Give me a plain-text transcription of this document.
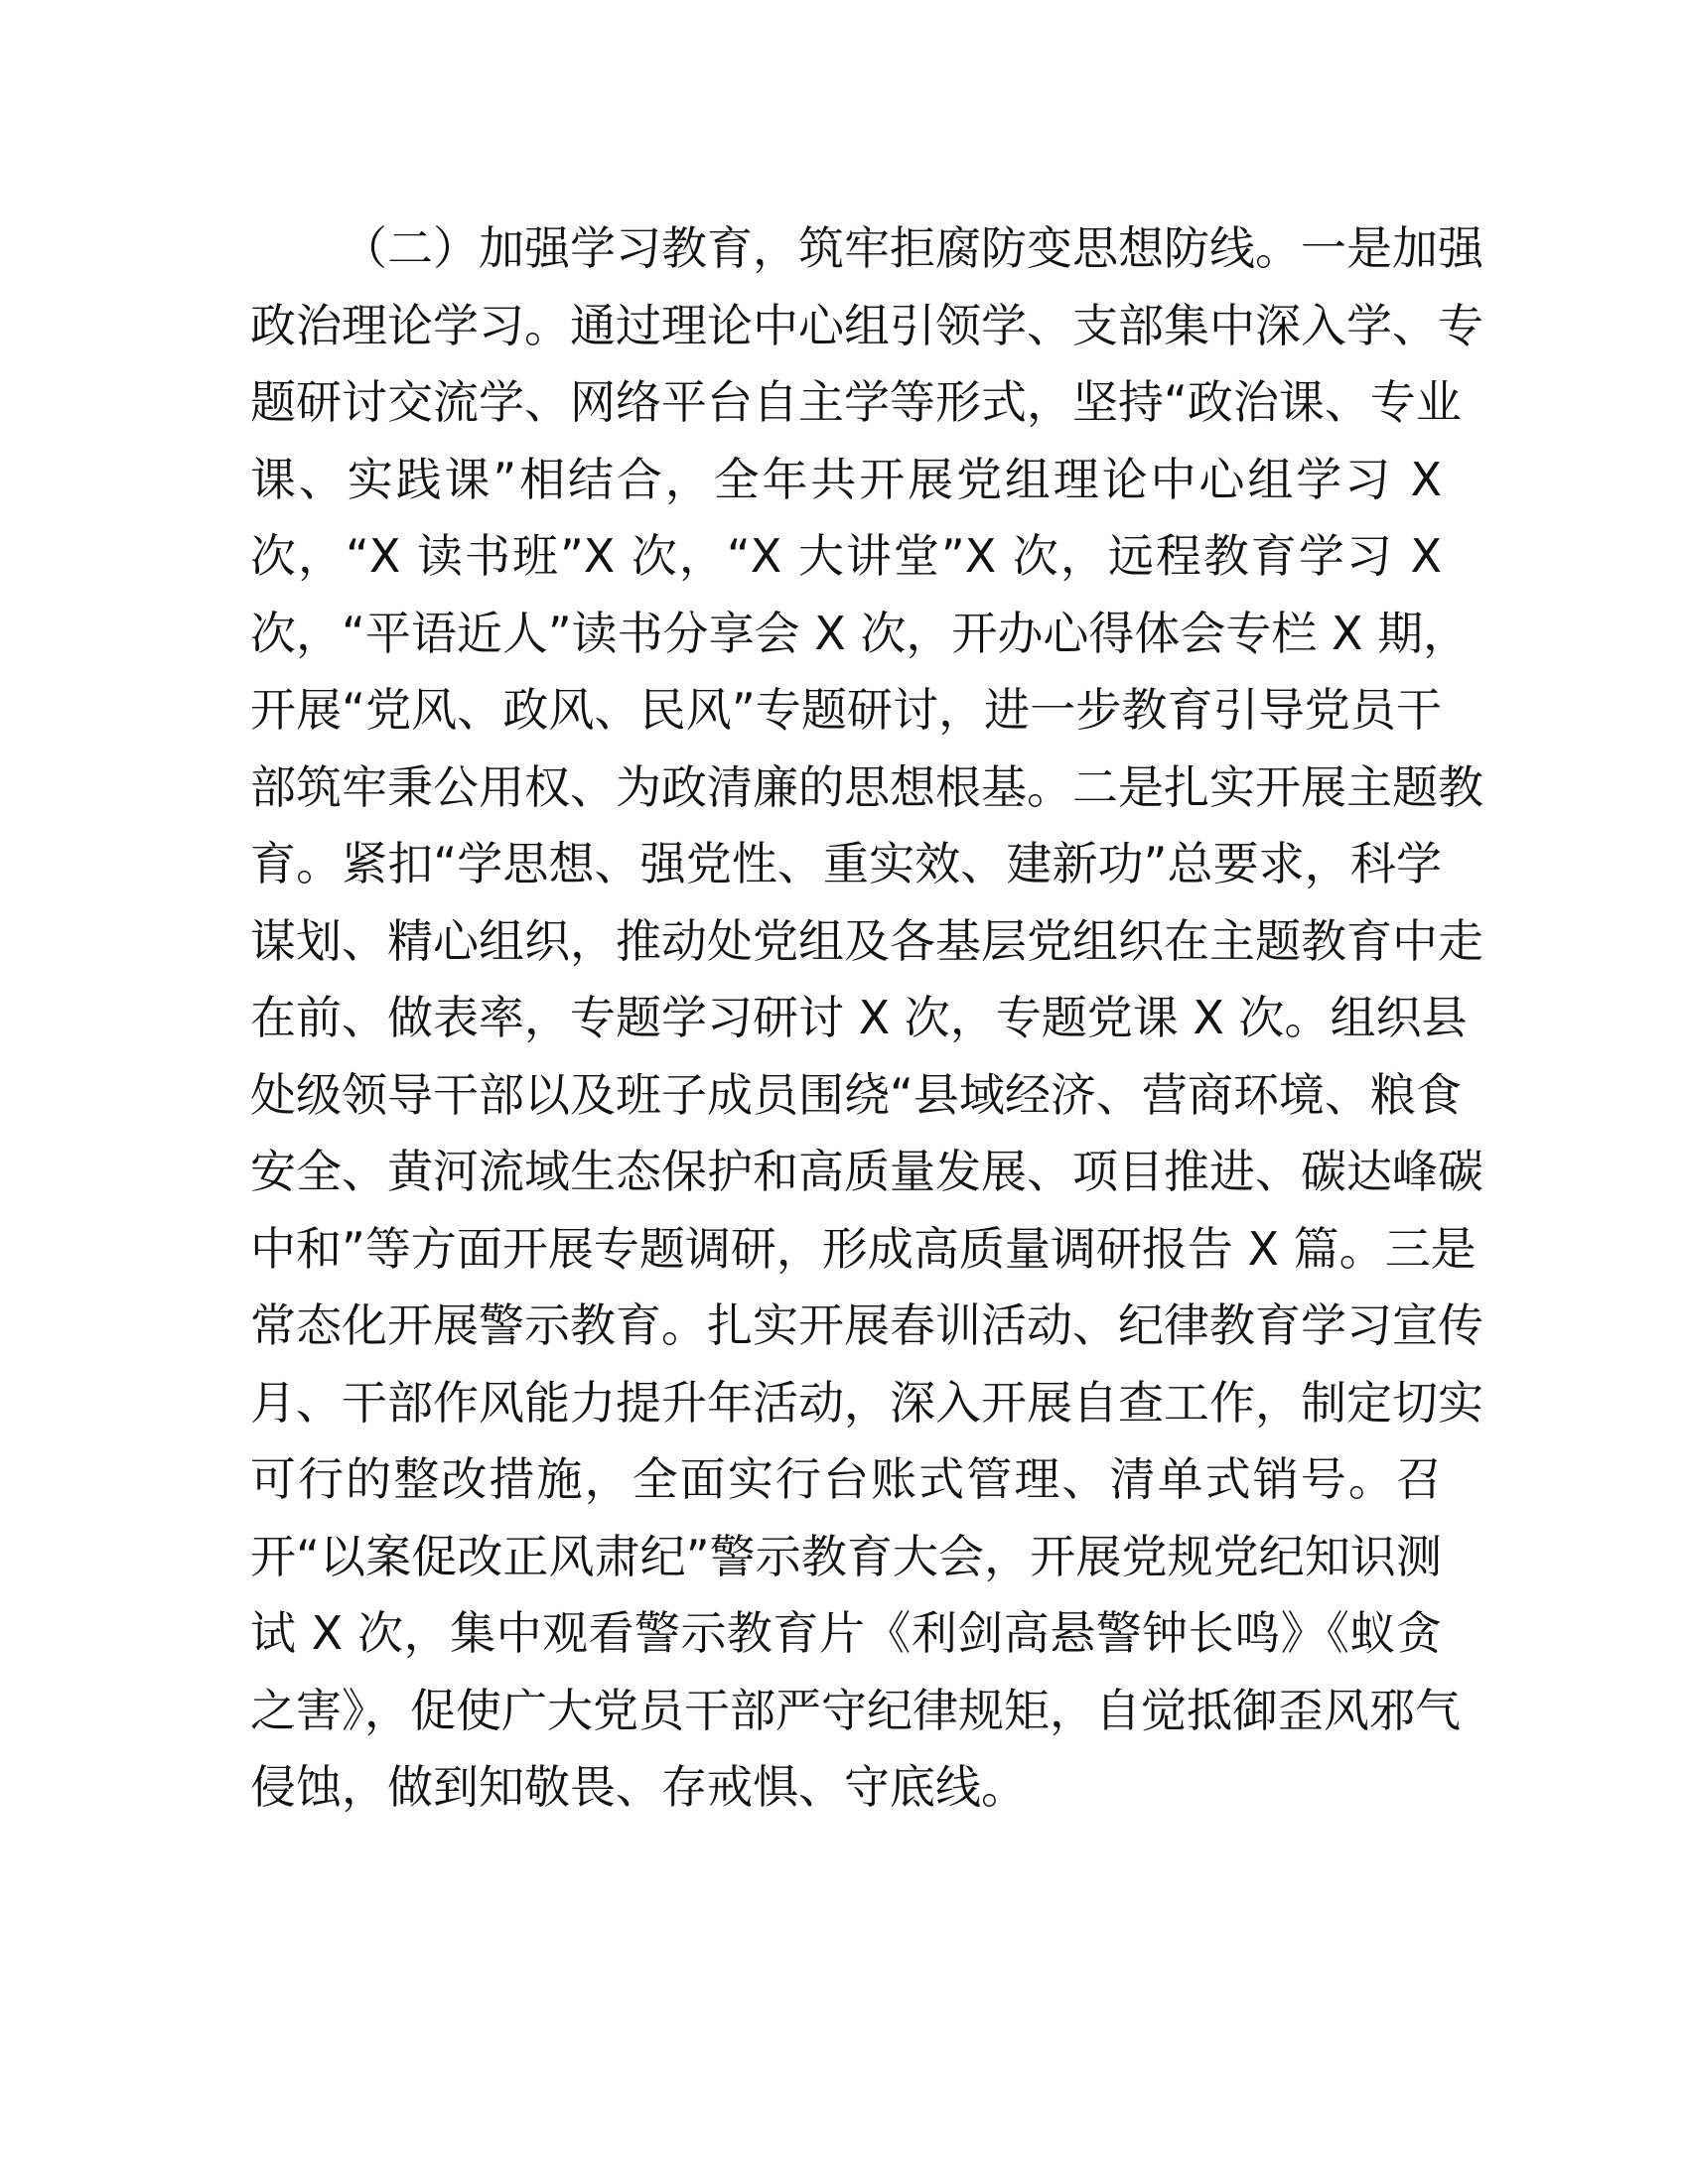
（二）加强学习教育，筑牢拒腐防变思想防线。一是加强
政治理论学习。通过理论中心组引领学、支部集中深入学、专
题研讨交流学、网络平台自主学等形式，坚持“政治课、专业
课、实践课”相结合，全年共开展党组理论中心组学习 X
次，“X 读书班”X 次，“X 大讲堂”X 次，远程教育学习 X
次，“平语近人”读书分享会 X 次，开办心得体会专栏 X 期，
开展“党风、政风、民风”专题研讨，进一步教育引导党员干
部筑牢秉公用权、为政清廉的思想根基。二是扎实开展主题教
育。紧扣“学思想、强党性、重实效、建新功”总要求，科学
谋划、精心组织，推动处党组及各基层党组织在主题教育中走
在前、做表率，专题学习研讨 X 次，专题党课 X 次。组织县
处级领导干部以及班子成员围绕“县域经济、营商环境、粮食
安全、黄河流域生态保护和高质量发展、项目推进、碳达峰碳
中和”等方面开展专题调研，形成高质量调研报告 X 篇。三是
常态化开展警示教育。扎实开展春训活动、纪律教育学习宣传
月、干部作风能力提升年活动，深入开展自查工作，制定切实
可行的整改措施，全面实行台账式管理、清单式销号。召
开“以案促改正风肃纪”警示教育大会，开展党规党纪知识测
试 X 次，集中观看警示教育片《利剑高悬警钟长鸣》《蚁贪
之害》，促使广大党员干部严守纪律规矩，自觉抵御歪风邪气
侵蚀，做到知敬畏、存戒惧、守底线。
